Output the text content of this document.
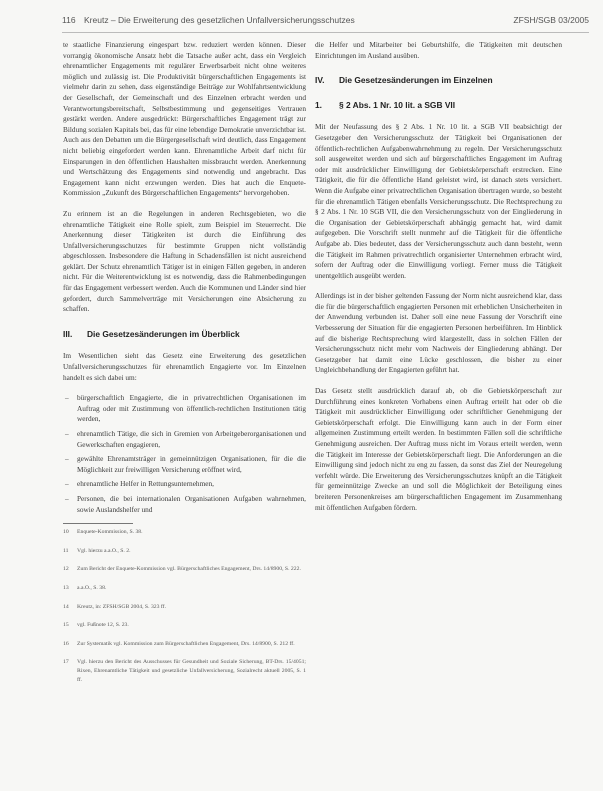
116 Kreutz – Die Erweiterung des gesetzlichen Unfallversicherungsschutzes	ZFSH/SGB 03/2005

te staatliche Finanzierung eingespart bzw. reduziert werden können. Dieser vorrangig ökonomische Ansatz hebt die Tatsache außer acht, dass ein Vergleich ehrenamtlicher Engagements mit regulärer Erwerbsarbeit nicht ohne weiteres möglich und zulässig ist. Die Produktivität bürgerschaftlichen Engagements ist vielmehr darin zu sehen, dass eigenständige Beiträge zur Wohlfahrtsentwicklung der Gesellschaft, der Gemeinschaft und des Einzelnen erbracht werden und Verantwortungsbereitschaft, Selbstbestimmung und gegenseitiges Vertrauen gestärkt werden. Andere ausgedrückt: Bürgerschaftliches Engagement trägt zur Bildung sozialen Kapitals bei, das für eine lebendige Demokratie unverzichtbar ist. Auch aus den Debatten um die Bürgergesellschaft wird deutlich, dass Engagement nicht beliebig eingefordert werden kann. Ehrenamtliche Arbeit darf nicht für Einsparungen in den öffentlichen Haushalten missbraucht werden. Anerkennung und Wertschätzung des Engagements sind notwendig und angebracht. Das Engagement kann nicht erzwungen werden. Dies hat auch die Enquete-Kommission „Zukunft des Bürgerschaftlichen Engagements“ hervorgehoben.

Zu erinnern ist an die Regelungen in anderen Rechtsgebieten, wo die ehrenamtliche Tätigkeit eine Rolle spielt, zum Beispiel im Steuerrecht. Die Anerkennung dieser Tätigkeiten ist durch die Einführung des Unfallversicherungsschutzes für bestimmte Gruppen nicht vollständig abgeschlossen. Insbesondere die Haftung in Schadensfällen ist nicht ausreichend geklärt. Der Schutz ehrenamtlich Tätiger ist in einigen Fällen gegeben, in anderen nicht. Für die Weiterentwicklung ist es notwendig, dass die Rahmenbedingungen für das Engagement verbessert werden. Auch die Kommunen und Länder sind hier gefordert, durch Sammelverträge mit Versicherungen eine Absicherung zu schaffen.

III. Die Gesetzesänderungen im Überblick

Im Wesentlichen sieht das Gesetz eine Erweiterung des gesetzlichen Unfallversicherungsschutzes für ehrenamtlich Engagierte vor. Im Einzelnen handelt es sich dabei um:

– bürgerschaftlich Engagierte, die in privatrechtlichen Organisationen im Auftrag oder mit Zustimmung von öffentlich-rechtlichen Institutionen tätig werden,
– ehrenamtlich Tätige, die sich in Gremien von Arbeitgeberorganisationen und Gewerkschaften engagieren,
– gewählte Ehrenamtsträger in gemeinnützigen Organisationen, für die die Möglichkeit zur freiwilligen Versicherung eröffnet wird,
– ehrenamtliche Helfer in Rettungsunternehmen,
– Personen, die bei internationalen Organisationen Aufgaben wahrnehmen, sowie Auslandshelfer und

10	Enquete-Kommission, S. 38.

11	Vgl. hierzu a.a.O., S. 2.

12	Zum Bericht der Enquete-Kommission vgl. Bürgerschaftliches Engagement, Drs. 14/8900, S. 222.

13	a.a.O., S. 38.

14	Kreutz, in: ZFSH/SGB 2004, S. 323 ff.

15	vgl. Fußnote 12, S. 23.

16	Zur Systematik vgl. Kommission zum Bürgerschaftlichen Engagement, Drs. 14/8900, S. 212 ff.

17	Vgl. hierzu den Bericht des Ausschusses für Gesundheit und Soziale Sicherung, BT-Drs. 15/4051; Rixen, Ehrenamtliche Tätigkeit und gesetzliche Unfallversicherung, Sozialrecht aktuell 2005, S. 1 ff.

die Helfer und Mitarbeiter bei Geburtshilfe, die Tätigkeiten mit deutschen Einrichtungen im Ausland ausüben.

IV. Die Gesetzesänderungen im Einzelnen
1. § 2 Abs. 1 Nr. 10 lit. a SGB VII

Mit der Neufassung des § 2 Abs. 1 Nr. 10 lit. a SGB VII beabsichtigt der Gesetzgeber den Versicherungsschutz der Tätigkeit bei Organisationen der öffentlich-rechtlichen Aufgabenwahrnehmung zu regeln. Der Versicherungsschutz soll ausgeweitet werden und sich auf bürgerschaftliches Engagement im Auftrag oder mit ausdrücklicher Einwilligung der Gebietskörperschaft erstrecken. Eine Tätigkeit, die für die öffentliche Hand geleistet wird, ist danach stets versichert. Wenn die Aufgabe einer privatrechtlichen Organisation übertragen wurde, so besteht für die ehrenamtlich Tätigen ebenfalls Versicherungsschutz. Die Rechtsprechung zu § 2 Abs. 1 Nr. 10 SGB VII, die den Versicherungsschutz von der Eingliederung in die Organisation der Gebietskörperschaft abhängig gemacht hat, wird damit aufgegeben. Die Vorschrift stellt nunmehr auf die Tätigkeit für die öffentliche Aufgabe ab. Dies bedeutet, dass der Versicherungsschutz auch dann besteht, wenn die Tätigkeit im Rahmen privatrechtlich organisierter Unternehmen erbracht wird, sofern der Auftrag oder die Einwilligung vorliegt. Ferner muss die Tätigkeit unentgeltlich ausgeübt werden.

Allerdings ist in der bisher geltenden Fassung der Norm nicht ausreichend klar, dass die für die bürgerschaftlich engagierten Personen mit erheblichen Unsicherheiten in der Anwendung verbunden ist. Daher soll eine neue Fassung der Vorschrift eine Verbesserung der Situation für die engagierten Personen herbeiführen. Im Hinblick auf die bisherige Rechtsprechung wird klargestellt, dass in solchen Fällen der Versicherungsschutz nicht mehr vom Nachweis der Eingliederung abhängt. Der Gesetzgeber hat damit eine Lücke geschlossen, die bisher zu einer Ungleichbehandlung der Engagierten geführt hat.

Das Gesetz stellt ausdrücklich darauf ab, ob die Gebietskörperschaft zur Durchführung eines konkreten Vorhabens einen Auftrag erteilt hat oder ob die Tätigkeit mit ausdrücklicher Einwilligung oder schriftlicher Genehmigung der Gebietskörperschaft erfolgt. Die Einwilligung kann auch in der Form einer allgemeinen Zustimmung erteilt werden. In bestimmten Fällen soll die schriftliche Genehmigung ausreichen. Der Auftrag muss nicht im Voraus erteilt werden, wenn die Tätigkeit im Interesse der Gebietskörperschaft liegt. Die Anforderungen an die Einwilligung sind jedoch nicht zu eng zu fassen, da sonst das Ziel der Neuregelung verfehlt würde. Die Erweiterung des Versicherungsschutzes knüpft an die Tätigkeit für gemeinnützige Zwecke an und soll die Möglichkeit der Beteiligung eines breiteren Personenkreises am bürgerschaftlichen Engagement im Zusammenhang mit öffentlichen Aufgaben fördern.
